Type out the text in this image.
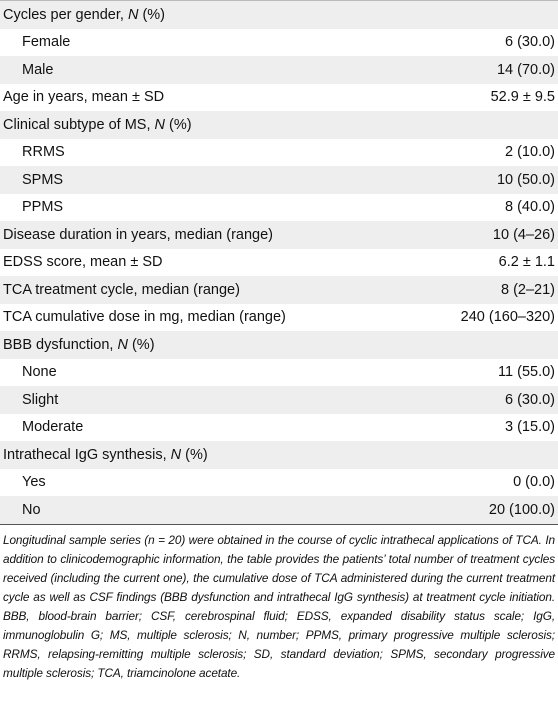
Cycles per gender, N (%)
Female	6 (30.0)
Male	14 (70.0)
Age in years, mean ± SD	52.9 ± 9.5
Clinical subtype of MS, N (%)
RRMS	2 (10.0)
SPMS	10 (50.0)
PPMS	8 (40.0)
Disease duration in years, median (range)	10 (4–26)
EDSS score, mean ± SD	6.2 ± 1.1
TCA treatment cycle, median (range)	8 (2–21)
TCA cumulative dose in mg, median (range)	240 (160–320)
BBB dysfunction, N (%)
None	11 (55.0)
Slight	6 (30.0)
Moderate	3 (15.0)
Intrathecal IgG synthesis, N (%)
Yes	0 (0.0)
No	20 (100.0)
Longitudinal sample series (n = 20) were obtained in the course of cyclic intrathecal applications of TCA. In addition to clinicodemographic information, the table provides the patients’ total number of treatment cycles received (including the current one), the cumulative dose of TCA administered during the current treatment cycle as well as CSF findings (BBB dysfunction and intrathecal IgG synthesis) at treatment cycle initiation. BBB, blood-brain barrier; CSF, cerebrospinal fluid; EDSS, expanded disability status scale; IgG, immunoglobulin G; MS, multiple sclerosis; N, number; PPMS, primary progressive multiple sclerosis; RRMS, relapsing-remitting multiple sclerosis; SD, standard deviation; SPMS, secondary progressive multiple sclerosis; TCA, triamcinolone acetate.
